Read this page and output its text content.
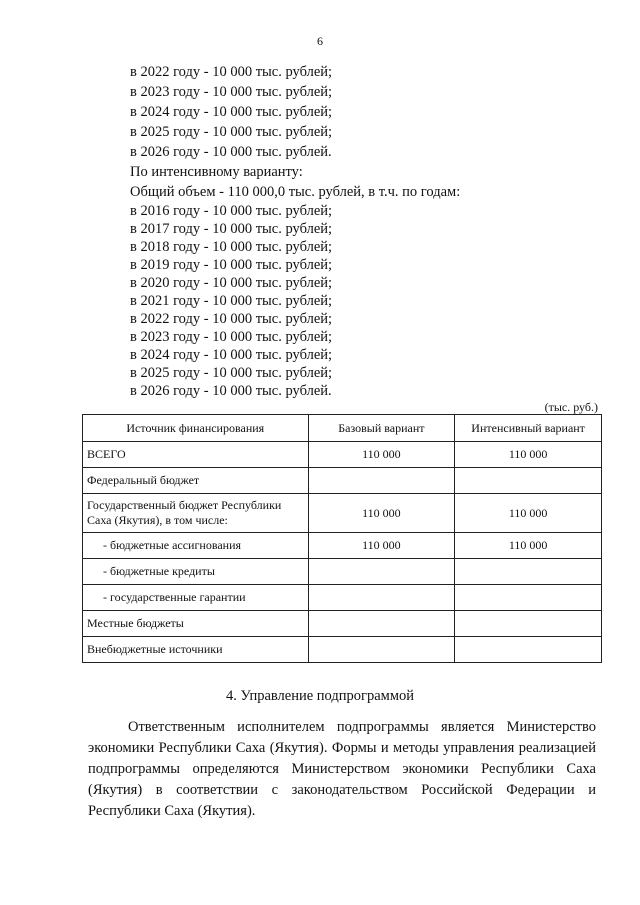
6
в 2022 году - 10 000 тыс. рублей;
в 2023 году - 10 000 тыс. рублей;
в 2024 году - 10 000 тыс. рублей;
в 2025 году - 10 000 тыс. рублей;
в 2026 году - 10 000 тыс. рублей.
По интенсивному варианту:
Общий объем - 110 000,0 тыс. рублей, в т.ч. по годам:
в 2016 году - 10 000 тыс. рублей;
в 2017 году - 10 000 тыс. рублей;
в 2018 году - 10 000 тыс. рублей;
в 2019 году - 10 000 тыс. рублей;
в 2020 году - 10 000 тыс. рублей;
в 2021 году - 10 000 тыс. рублей;
в 2022 году - 10 000 тыс. рублей;
в 2023 году - 10 000 тыс. рублей;
в 2024 году - 10 000 тыс. рублей;
в 2025 году - 10 000 тыс. рублей;
в 2026 году - 10 000 тыс. рублей.
(тыс. руб.)
Источник финансирования	Базовый вариант	Интенсивный вариант
ВСЕГО	110 000	110 000
Федеральный бюджет		
Государственный бюджет Республики Саха (Якутия), в том числе:	110 000	110 000
- бюджетные ассигнования	110 000	110 000
- бюджетные кредиты		
- государственные гарантии		
Местные бюджеты		
Внебюджетные источники		
4. Управление подпрограммой
Ответственным исполнителем подпрограммы является Министерство экономики Республики Саха (Якутия). Формы и методы управления реализацией подпрограммы определяются Министерством экономики Республики Саха (Якутия) в соответствии с законодательством Российской Федерации и Республики Саха (Якутия).
